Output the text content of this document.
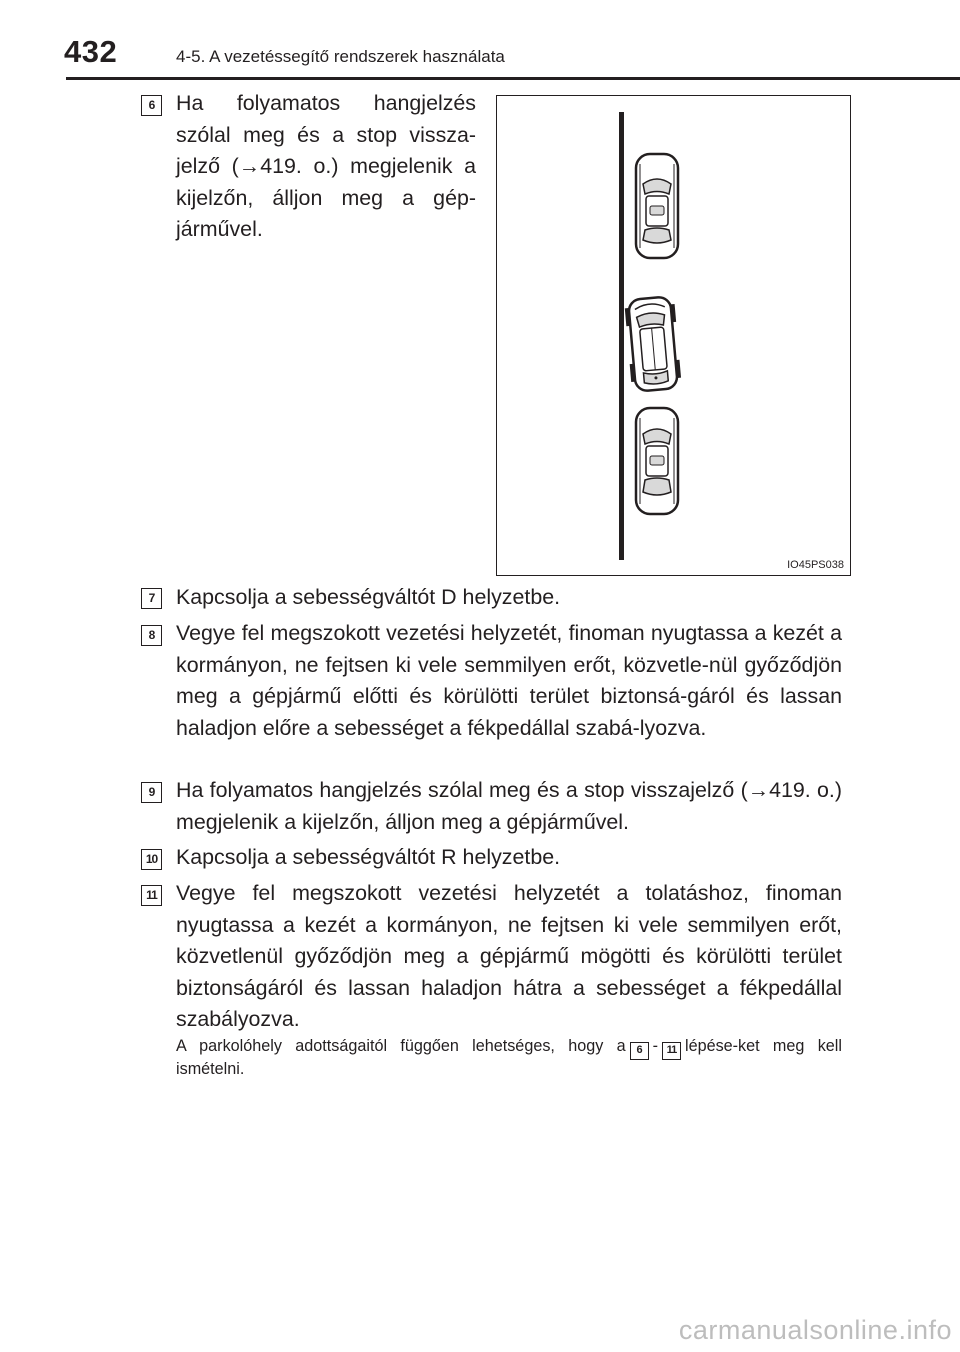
432	4-5. A vezetéssegítő rendszerek használata
6	Ha folyamatos hangjelzés szólal meg és a stop vissza-jelző (→419. o.) megjelenik a kijelzőn, álljon meg a gép-járművel.

IO45PS038
7	Kapcsolja a sebességváltót D helyzetbe.

8	Vegye fel megszokott vezetési helyzetét, finoman nyugtassa a kezét a kormányon, ne fejtsen ki vele semmilyen erőt, közvetle-nül győződjön meg a gépjármű előtti és körülötti terület biztonsá-gáról és lassan haladjon előre a sebességet a fékpedállal szabá-lyozva.

9	Ha folyamatos hangjelzés szólal meg és a stop visszajelző (→419. o.) megjelenik a kijelzőn, álljon meg a gépjárművel.

10 Kapcsolja a sebességváltót R helyzetbe.

11 Vegye fel megszokott vezetési helyzetét a tolatáshoz, finoman nyugtassa a kezét a kormányon, ne fejtsen ki vele semmilyen erőt, közvetlenül győződjön meg a gépjármű mögötti és körülötti terület biztonságáról és lassan haladjon hátra a sebességet a fékpedállal szabályozva.

A parkolóhely adottságaitól függően lehetséges, hogy a 6 - 11 lépése-ket meg kell ismételni.

carmanualsonline.info
